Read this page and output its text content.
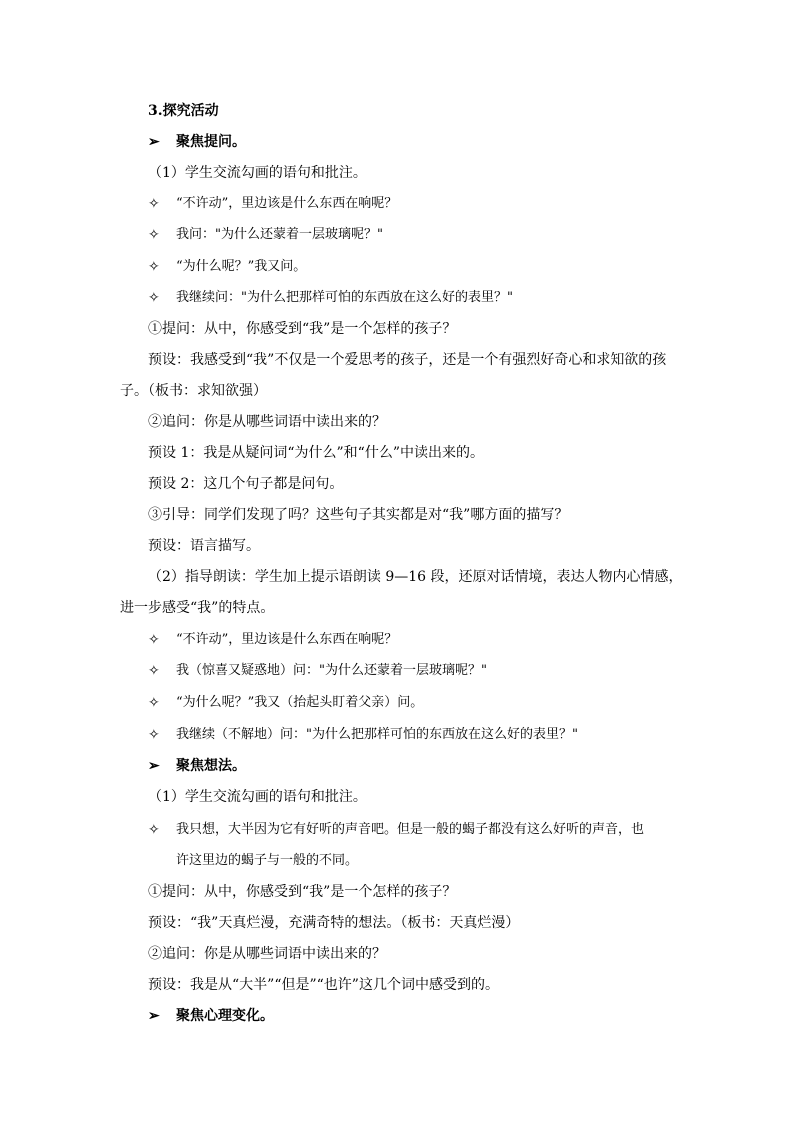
3.探究活动
➢ 聚焦提问。
（1）学生交流勾画的语句和批注。
✧ “不许动”，里边该是什么东西在响呢？
✧ 我问："为什么还蒙着一层玻璃呢？"
✧ “为什么呢？”我又问。
✧ 我继续问："为什么把那样可怕的东西放在这么好的表里？"
①提问：从中，你感受到“我”是一个怎样的孩子？
预设：我感受到“我”不仅是一个爱思考的孩子，还是一个有强烈好奇心和求知欲的孩
子。（板书：求知欲强）
②追问：你是从哪些词语中读出来的？
预设 1：我是从疑问词“为什么”和“什么”中读出来的。
预设 2：这几个句子都是问句。
③引导：同学们发现了吗？这些句子其实都是对“我”哪方面的描写？
预设：语言描写。
（2）指导朗读：学生加上提示语朗读 9—16 段，还原对话情境，表达人物内心情感，
进一步感受“我”的特点。
✧ “不许动”，里边该是什么东西在响呢？
✧ 我（惊喜又疑惑地）问："为什么还蒙着一层玻璃呢？"
✧ “为什么呢？”我又（抬起头盯着父亲）问。
✧ 我继续（不解地）问："为什么把那样可怕的东西放在这么好的表里？"
➢ 聚焦想法。
（1）学生交流勾画的语句和批注。
✧ 我只想，大半因为它有好听的声音吧。但是一般的蝎子都没有这么好听的声音，也
许这里边的蝎子与一般的不同。
①提问：从中，你感受到“我”是一个怎样的孩子？
预设：“我”天真烂漫，充满奇特的想法。（板书：天真烂漫）
②追问：你是从哪些词语中读出来的？
预设：我是从“大半”“但是”“也许”这几个词中感受到的。
➢ 聚焦心理变化。
